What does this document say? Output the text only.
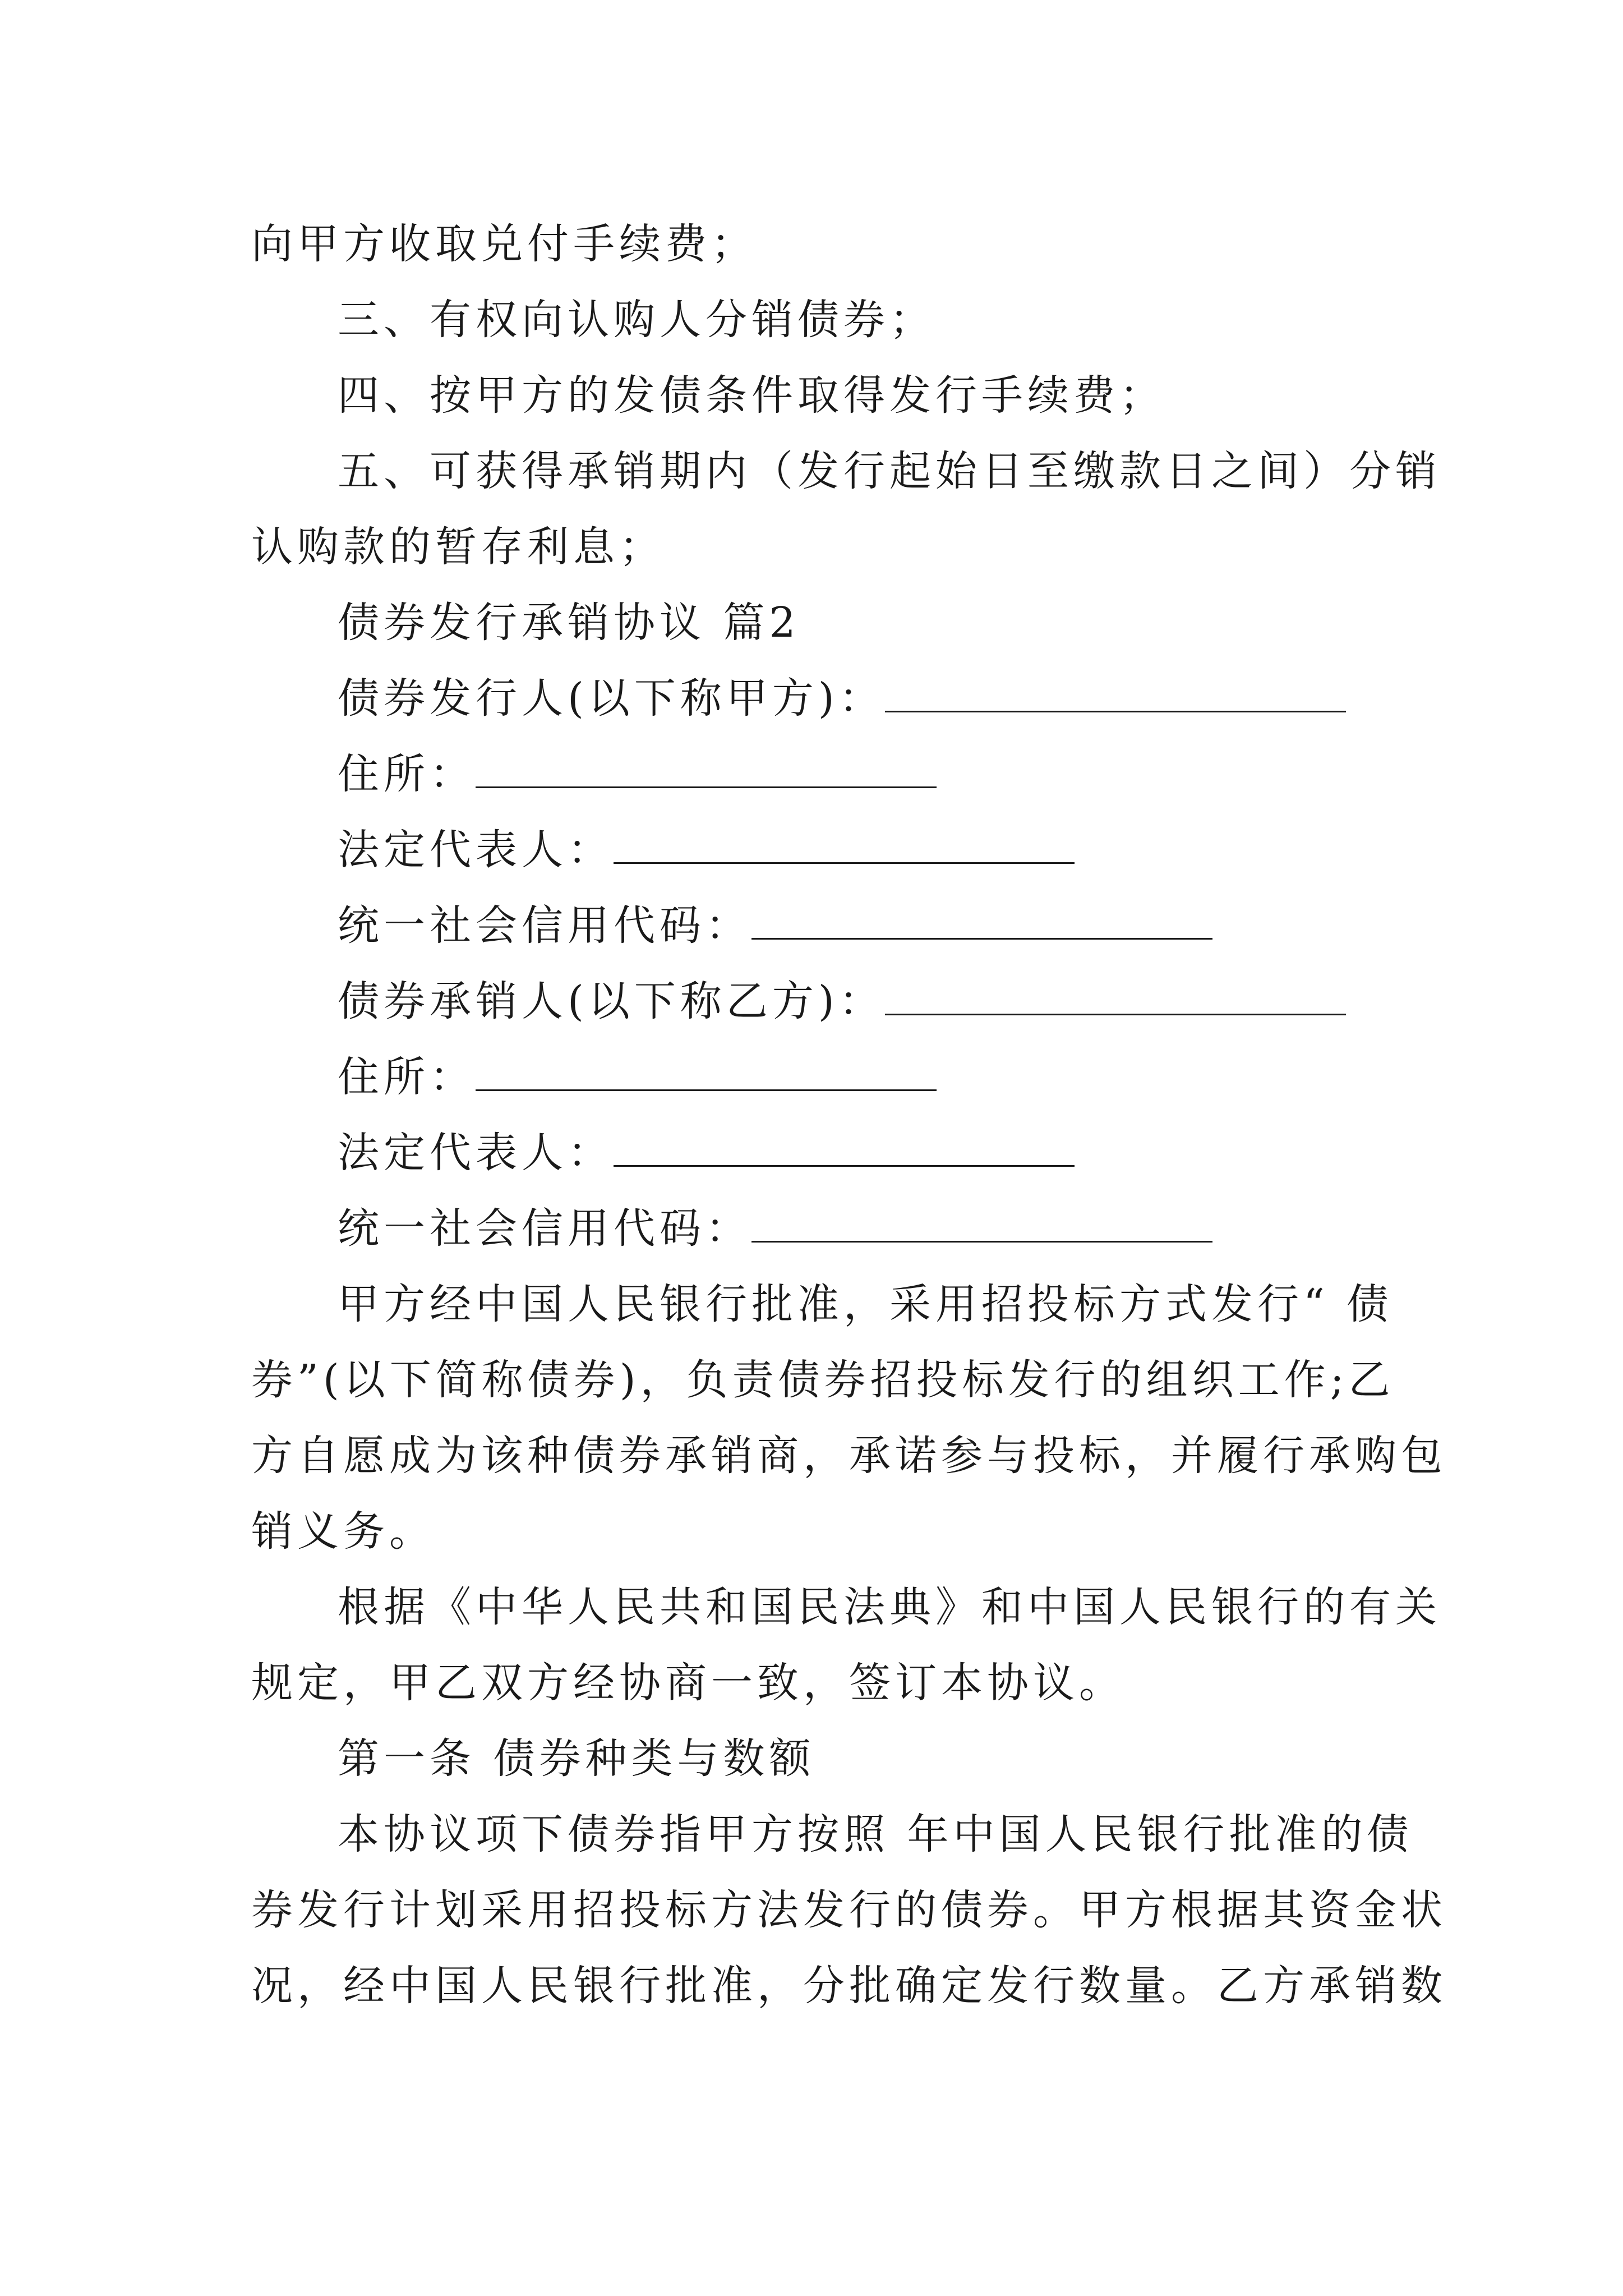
向甲方收取兑付手续费；
三、有权向认购人分销债券；
四、按甲方的发债条件取得发行手续费；
五、可获得承销期内（发行起始日至缴款日之间）分销
认购款的暂存利息；
债券发行承销协议 篇2
债券发行人(以下称甲方)：
住所：
法定代表人：
统一社会信用代码：
债券承销人(以下称乙方)：
住所：
法定代表人：
统一社会信用代码：
甲方经中国人民银行批准，采用招投标方式发行“ 债
券”(以下简称债券)，负责债券招投标发行的组织工作;乙
方自愿成为该种债券承销商，承诺参与投标，并履行承购包
销义务。
根据《中华人民共和国民法典》和中国人民银行的有关
规定，甲乙双方经协商一致，签订本协议。
第一条 债券种类与数额
本协议项下债券指甲方按照 年中国人民银行批准的债
券发行计划采用招投标方法发行的债券。甲方根据其资金状
况，经中国人民银行批准，分批确定发行数量。乙方承销数
